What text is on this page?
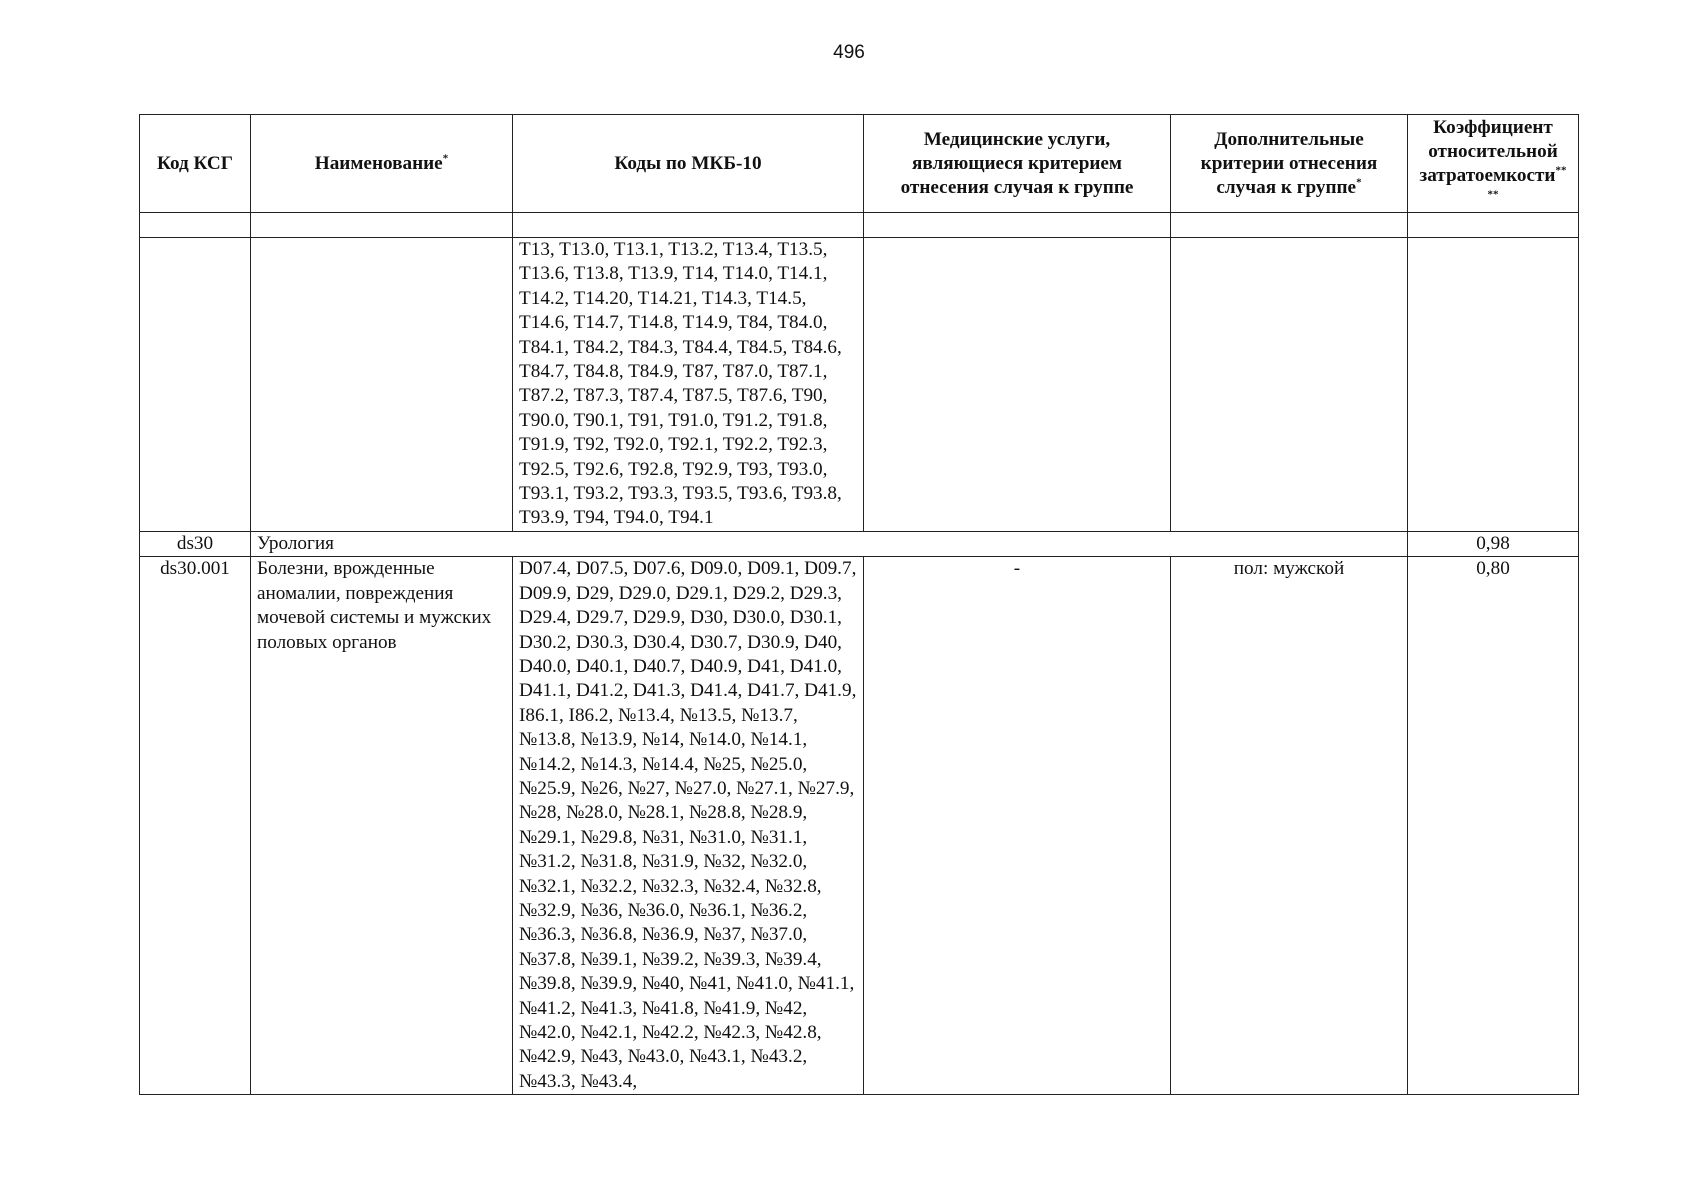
496
Код КСГ	Наименование*	Коды по МКБ-10	Медицинские услуги, являющиеся критерием отнесения случая к группе	Дополнительные критерии отнесения случая к группе*	Коэффициент относительной затратоемкости**
**

		T13, T13.0, T13.1, T13.2, T13.4, T13.5, T13.6, T13.8, T13.9, T14, T14.0, T14.1, T14.2, T14.20, T14.21, T14.3, T14.5, T14.6, T14.7, T14.8, T14.9, T84, T84.0, T84.1, T84.2, T84.3, T84.4, T84.5, T84.6, T84.7, T84.8, T84.9, T87, T87.0, T87.1, T87.2, T87.3, T87.4, T87.5, T87.6, T90, T90.0, T90.1, T91, T91.0, T91.2, T91.8, T91.9, T92, T92.0, T92.1, T92.2, T92.3, T92.5, T92.6, T92.8, T92.9, T93, T93.0, T93.1, T93.2, T93.3, T93.5, T93.6, T93.8, T93.9, T94, T94.0, T94.1			
ds30	Урология				0,98
ds30.001	Болезни, врожденные аномалии, повреждения мочевой системы и мужских половых органов	D07.4, D07.5, D07.6, D09.0, D09.1, D09.7, D09.9, D29, D29.0, D29.1, D29.2, D29.3, D29.4, D29.7, D29.9, D30, D30.0, D30.1, D30.2, D30.3, D30.4, D30.7, D30.9, D40, D40.0, D40.1, D40.7, D40.9, D41, D41.0, D41.1, D41.2, D41.3, D41.4, D41.7, D41.9, I86.1, I86.2, №13.4, №13.5, №13.7, №13.8, №13.9, №14, №14.0, №14.1, №14.2, №14.3, №14.4, №25, №25.0, №25.9, №26, №27, №27.0, №27.1, №27.9, №28, №28.0, №28.1, №28.8, №28.9, №29.1, №29.8, №31, №31.0, №31.1, №31.2, №31.8, №31.9, №32, №32.0, №32.1, №32.2, №32.3, №32.4, №32.8, №32.9, №36, №36.0, №36.1, №36.2, №36.3, №36.8, №36.9, №37, №37.0, №37.8, №39.1, №39.2, №39.3, №39.4, №39.8, №39.9, №40, №41, №41.0, №41.1, №41.2, №41.3, №41.8, №41.9, №42, №42.0, №42.1, №42.2, №42.3, №42.8, №42.9, №43, №43.0, №43.1, №43.2, №43.3, №43.4,	-	пол: мужской	0,80
